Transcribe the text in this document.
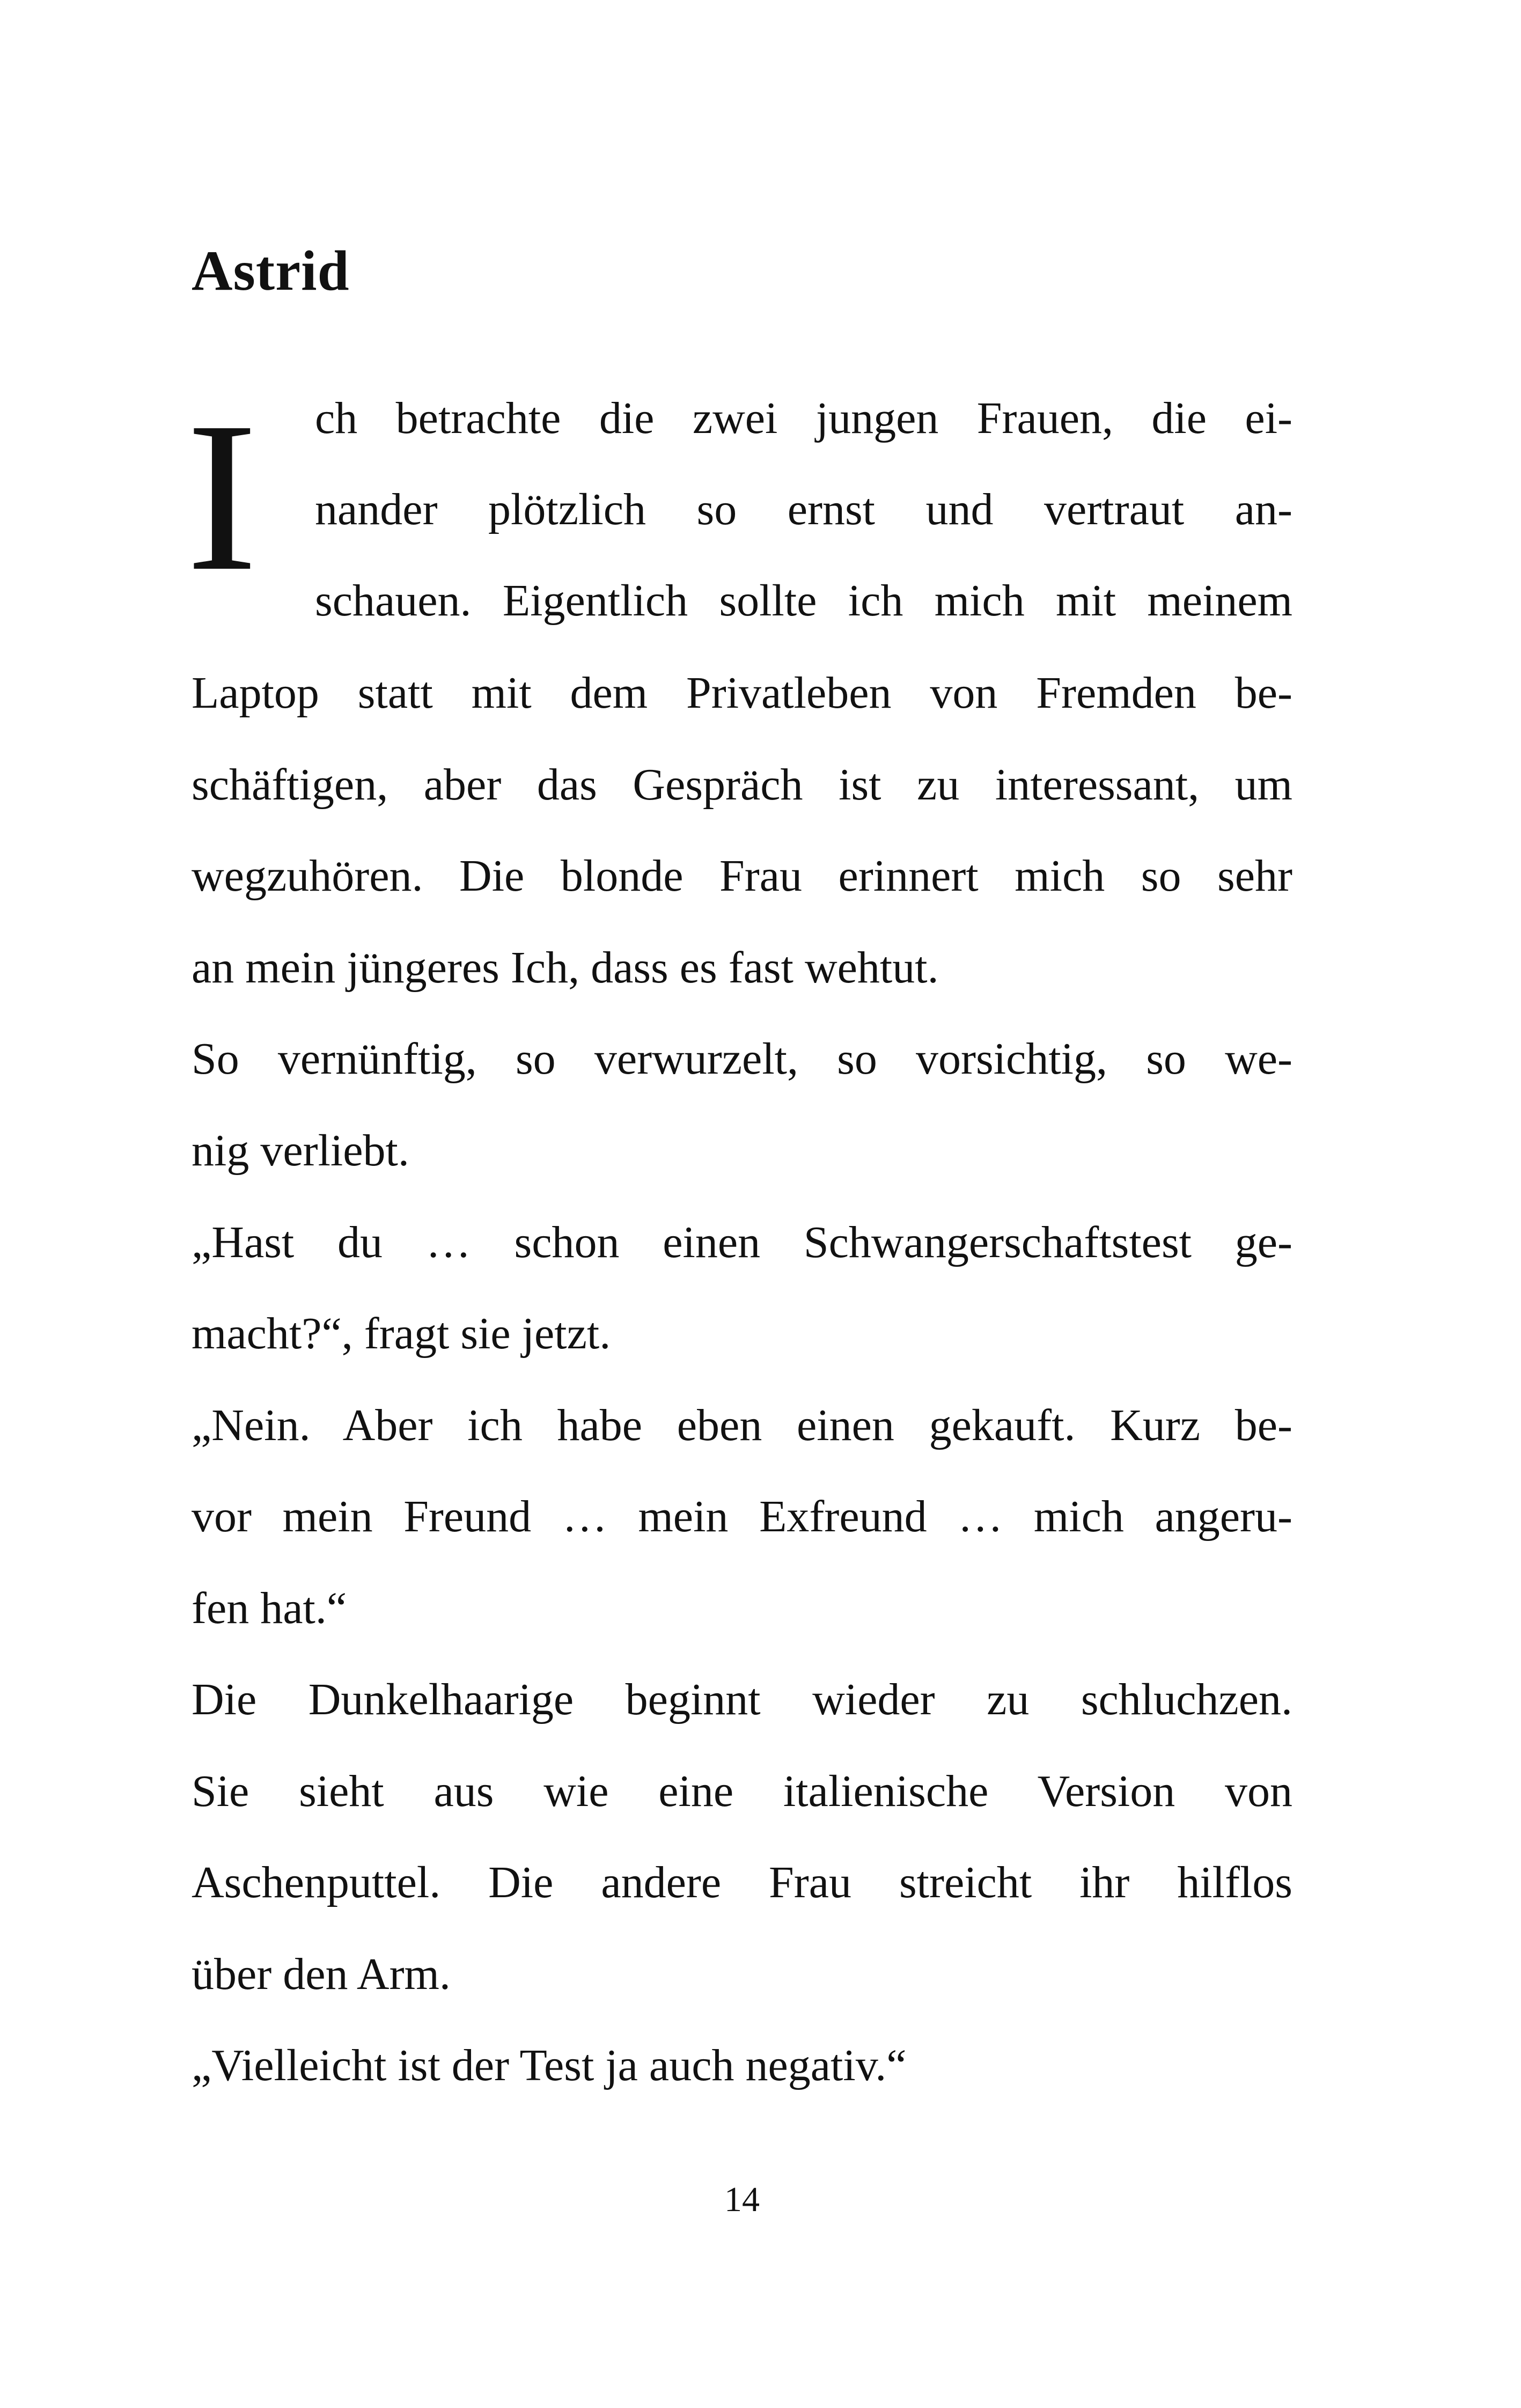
Astrid
I ch betrachte die zwei jungen Frauen, die ei-
nander plötzlich so ernst und vertraut an-
schauen. Eigentlich sollte ich mich mit meinem
Laptop statt mit dem Privatleben von Fremden be-
schäftigen, aber das Gespräch ist zu interessant, um
wegzuhören. Die blonde Frau erinnert mich so sehr
an mein jüngeres Ich, dass es fast wehtut.
So vernünftig, so verwurzelt, so vorsichtig, so we-
nig verliebt.
„Hast du … schon einen Schwangerschaftstest ge-
macht?“, fragt sie jetzt.
„Nein. Aber ich habe eben einen gekauft. Kurz be-
vor mein Freund … mein Exfreund … mich angeru-
fen hat.“
Die Dunkelhaarige beginnt wieder zu schluchzen.
Sie sieht aus wie eine italienische Version von
Aschenputtel. Die andere Frau streicht ihr hilflos
über den Arm.
„Vielleicht ist der Test ja auch negativ.“
14
